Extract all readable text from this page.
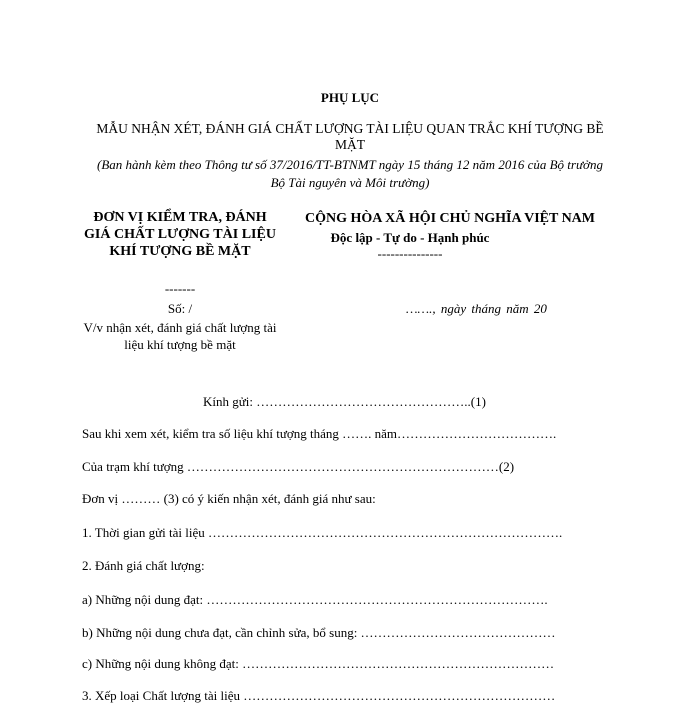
PHỤ LỤC
MẪU NHẬN XÉT, ĐÁNH GIÁ CHẤT LƯỢNG TÀI LIỆU QUAN TRẮC KHÍ TƯỢNG BỀ MẶT
(Ban hành kèm theo Thông tư số 37/2016/TT-BTNMT ngày 15 tháng 12 năm 2016 của Bộ trưởng Bộ Tài nguyên và Môi trường)
ĐƠN VỊ KIỂM TRA, ĐÁNH GIÁ CHẤT LƯỢNG TÀI LIỆU KHÍ TƯỢNG BỀ MẶT
-------
Số: /
V/v nhận xét, đánh giá chất lượng tài liệu khí tượng bề mặt
CỘNG HÒA XÃ HỘI CHỦ NGHĨA VIỆT NAM
Độc lập - Tự do - Hạnh phúc
---------------
……., ngày tháng năm 20
Kính gửi: …………………………………………..(1)
Sau khi xem xét, kiểm tra số liệu khí tượng tháng ……. năm……………………………….
Của trạm khí tượng ………………………………………………………………(2)
Đơn vị ……… (3) có ý kiến nhận xét, đánh giá như sau:
1. Thời gian gửi tài liệu ……………………………………………………………………….
2. Đánh giá chất lượng:
a) Những nội dung đạt: …………………………………………………………………….
b) Những nội dung chưa đạt, cần chỉnh sửa, bổ sung: ………………………………………
c) Những nội dung không đạt: ………………………………………………………………
3. Xếp loại Chất lượng tài liệu ………………………………………………………………
